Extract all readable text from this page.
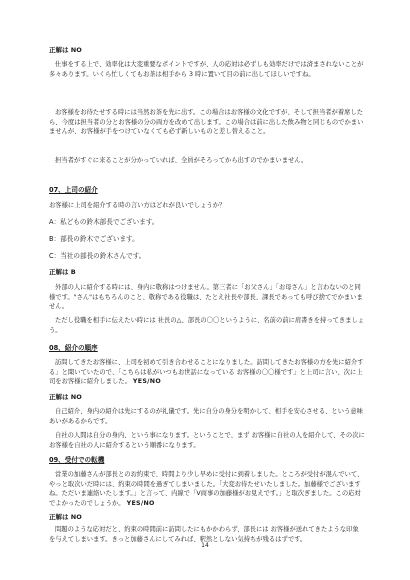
正解は NO

仕事をする上で、効率化は大変重要なポイントですが、人の応対は必ずしも効率だけでは済まされないことが多々あります。いくら忙しくてもお茶は相手から 3 時に置いて目の前に出してほしいですね。

お客様をお待たせする時には当然お茶を先に出す。この場合はお客様の文化ですが、そして担当者が着席したら、今度は担当者の分とお客様の分の両方を改めて出します。この場合は前に出した飲み物と同じものでかまいませんが、お客様が手をつけていなくても必ず新しいものと差し替えること。

担当者がすぐに来ることが分かっていれば、全員がそろってから出すのでかまいません。

07、上司の紹介

お客様に上司を紹介する時の言い方はどれが良いでしょうか？

A：私どもの鈴木部長でございます。

B：部長の鈴木でございます。

C：当社の部長の鈴木さんです。

正解は B

外部の人に紹介する時には、身内に敬称はつけません。第三者に「お父さん」「お母さん」と言わないのと同様です。"さん"はもちろんのこと、敬称である役職は、たとえ社長や部長、課長であっても呼び捨てでかまいません。

ただし役職を相手に伝えたい時には 社長の△、部長の〇〇というように、名前の前に肩書きを持ってきましょう。

08、紹介の順序

訪問してきたお客様に、上司を初めて引き合わせることになりました。訪問してきたお客様の方を先に紹介する」と聞いていたので、「こちらは私がいつもお世話になっている お客様の〇〇様です」と上司に言い、次に上司をお客様に紹介しました。 YES/NO

正解は NO

自己紹介、身内の紹介は先にするのが礼儀です。先に自分の身分を明かして、相手を安心させる、という意味あいがあるからです。

自社の人間は自分の身内、という事になります。ということで、まず お客様に自社の人を紹介して、その次に お客様を自社の人に紹介するという順番になります。

09、受付での転機

営業の加藤さんが部長とのお約束で、時間より少し早めに受付に到着しました。ところが受付が混んでいて、やっと取次いだ時には、約束の時間を過ぎてしまいました。「大変お待たせいたしました。加藤様でございますね。ただいま連絡いたします。」と言って、内線で「V商事の加藤様がお見えです。」と取次ぎました。この応対でよかったのでしょうか。 YES/NO

正解は NO

問題のような応対だと、約束の時間前に訪問したにもかかわらず、部長には お客様が送れてきたような印象を与えてしまいます。きっと加藤さんにしてみれば、釈然としない気持ちが残るはずです。

14
